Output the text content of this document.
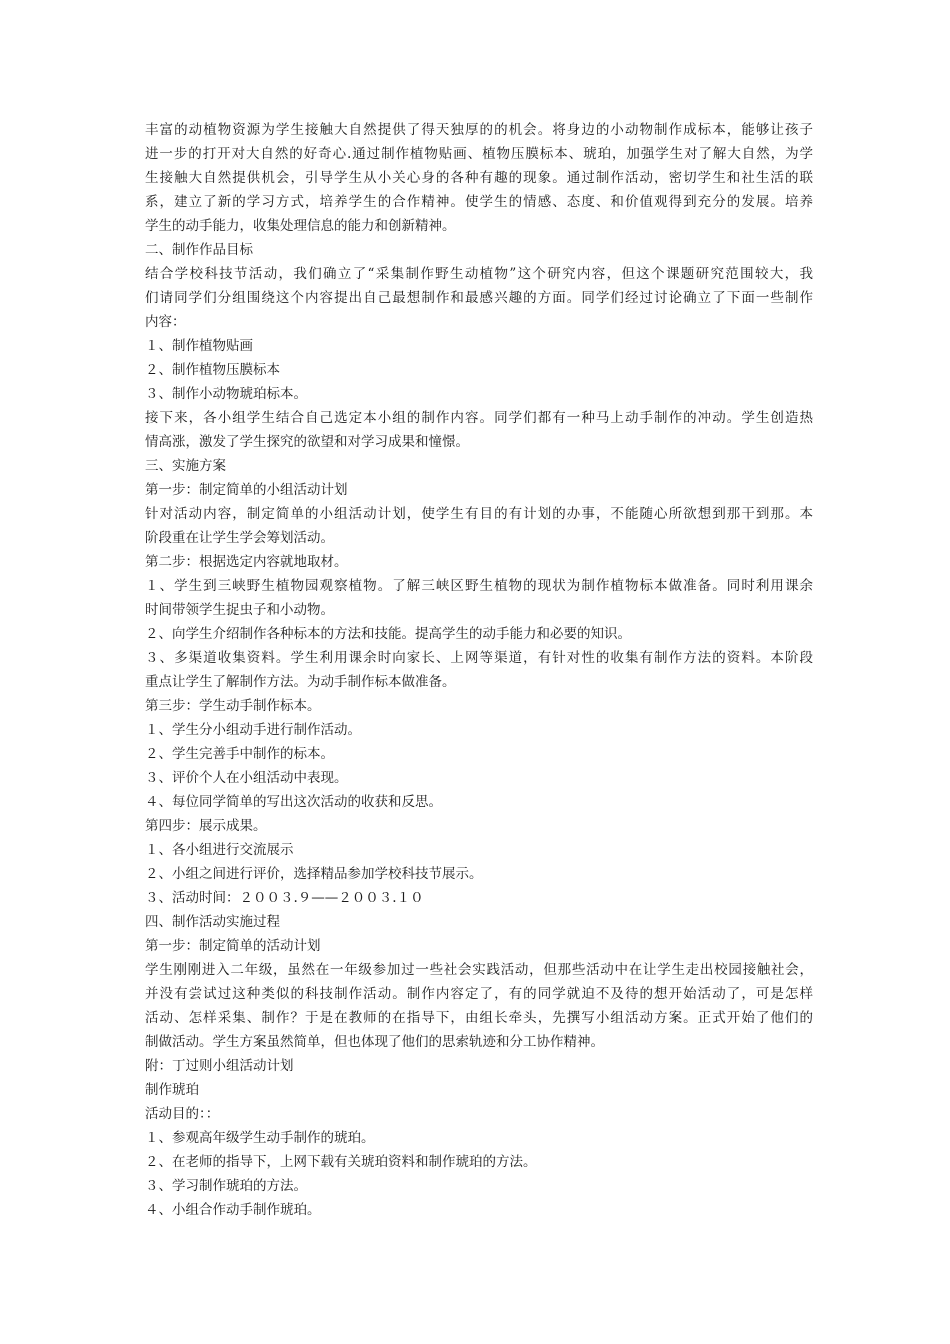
丰富的动植物资源为学生接触大自然提供了得天独厚的的机会。将身边的小动物制作成标本，能够让孩子
进一步的打开对大自然的好奇心.通过制作植物贴画、植物压膜标本、琥珀，加强学生对了解大自然，为学
生接触大自然提供机会，引导学生从小关心身的各种有趣的现象。通过制作活动，密切学生和社生活的联
系，建立了新的学习方式，培养学生的合作精神。使学生的情感、态度、和价值观得到充分的发展。培养
学生的动手能力，收集处理信息的能力和创新精神。
二、制作作品目标
结合学校科技节活动，我们确立了“采集制作野生动植物”这个研究内容，但这个课题研究范围较大，我
们请同学们分组围绕这个内容提出自己最想制作和最感兴趣的方面。同学们经过讨论确立了下面一些制作
内容：
１、制作植物贴画
２、制作植物压膜标本
３、制作小动物琥珀标本。
接下来，各小组学生结合自己选定本小组的制作内容。同学们都有一种马上动手制作的冲动。学生创造热
情高涨，激发了学生探究的欲望和对学习成果和憧憬。
三、实施方案
第一步：制定简单的小组活动计划
针对活动内容，制定简单的小组活动计划，使学生有目的有计划的办事，不能随心所欲想到那干到那。本
阶段重在让学生学会筹划活动。
第二步：根据选定内容就地取材。
１、学生到三峡野生植物园观察植物。了解三峡区野生植物的现状为制作植物标本做准备。同时利用课余
时间带领学生捉虫子和小动物。
２、向学生介绍制作各种标本的方法和技能。提高学生的动手能力和必要的知识。
３、多渠道收集资料。学生利用课余时向家长、上网等渠道，有针对性的收集有制作方法的资料。本阶段
重点让学生了解制作方法。为动手制作标本做准备。
第三步：学生动手制作标本。
１、学生分小组动手进行制作活动。
２、学生完善手中制作的标本。
３、评价个人在小组活动中表现。
４、每位同学简单的写出这次活动的收获和反思。
第四步：展示成果。
１、各小组进行交流展示
２、小组之间进行评价，选择精品参加学校科技节展示。
３、活动时间：２００３.９——２００３.１０
四、制作活动实施过程
第一步：制定简单的活动计划
学生刚刚进入二年级，虽然在一年级参加过一些社会实践活动，但那些活动中在让学生走出校园接触社会，
并没有尝试过这种类似的科技制作活动。制作内容定了，有的同学就迫不及待的想开始活动了，可是怎样
活动、怎样采集、制作？于是在教师的在指导下，由组长牵头，先撰写小组活动方案。正式开始了他们的
制做活动。学生方案虽然简单，但也体现了他们的思索轨迹和分工协作精神。
附：丁过则小组活动计划
制作琥珀
活动目的：：
１、参观高年级学生动手制作的琥珀。
２、在老师的指导下，上网下载有关琥珀资料和制作琥珀的方法。
３、学习制作琥珀的方法。
４、小组合作动手制作琥珀。
